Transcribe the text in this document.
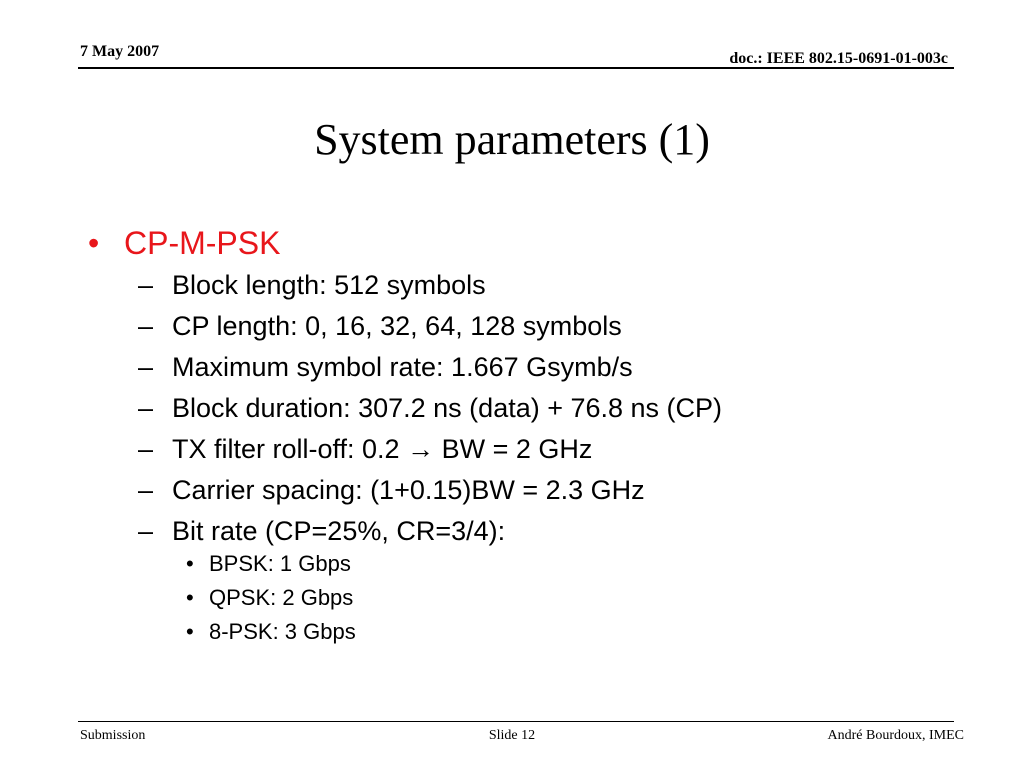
7 May 2007	doc.: IEEE 802.15-0691-01-003c
System parameters (1)
• CP-M-PSK
– Block length: 512 symbols
– CP length: 0, 16, 32, 64, 128 symbols
– Maximum symbol rate: 1.667 Gsymb/s
– Block duration: 307.2 ns (data) + 76.8 ns (CP)
– TX filter roll-off: 0.2 → BW = 2 GHz
– Carrier spacing: (1+0.15)BW = 2.3 GHz
– Bit rate (CP=25%, CR=3/4):
• BPSK: 1 Gbps
• QPSK: 2 Gbps
• 8-PSK: 3 Gbps
Submission	Slide 12	André Bourdoux, IMEC
